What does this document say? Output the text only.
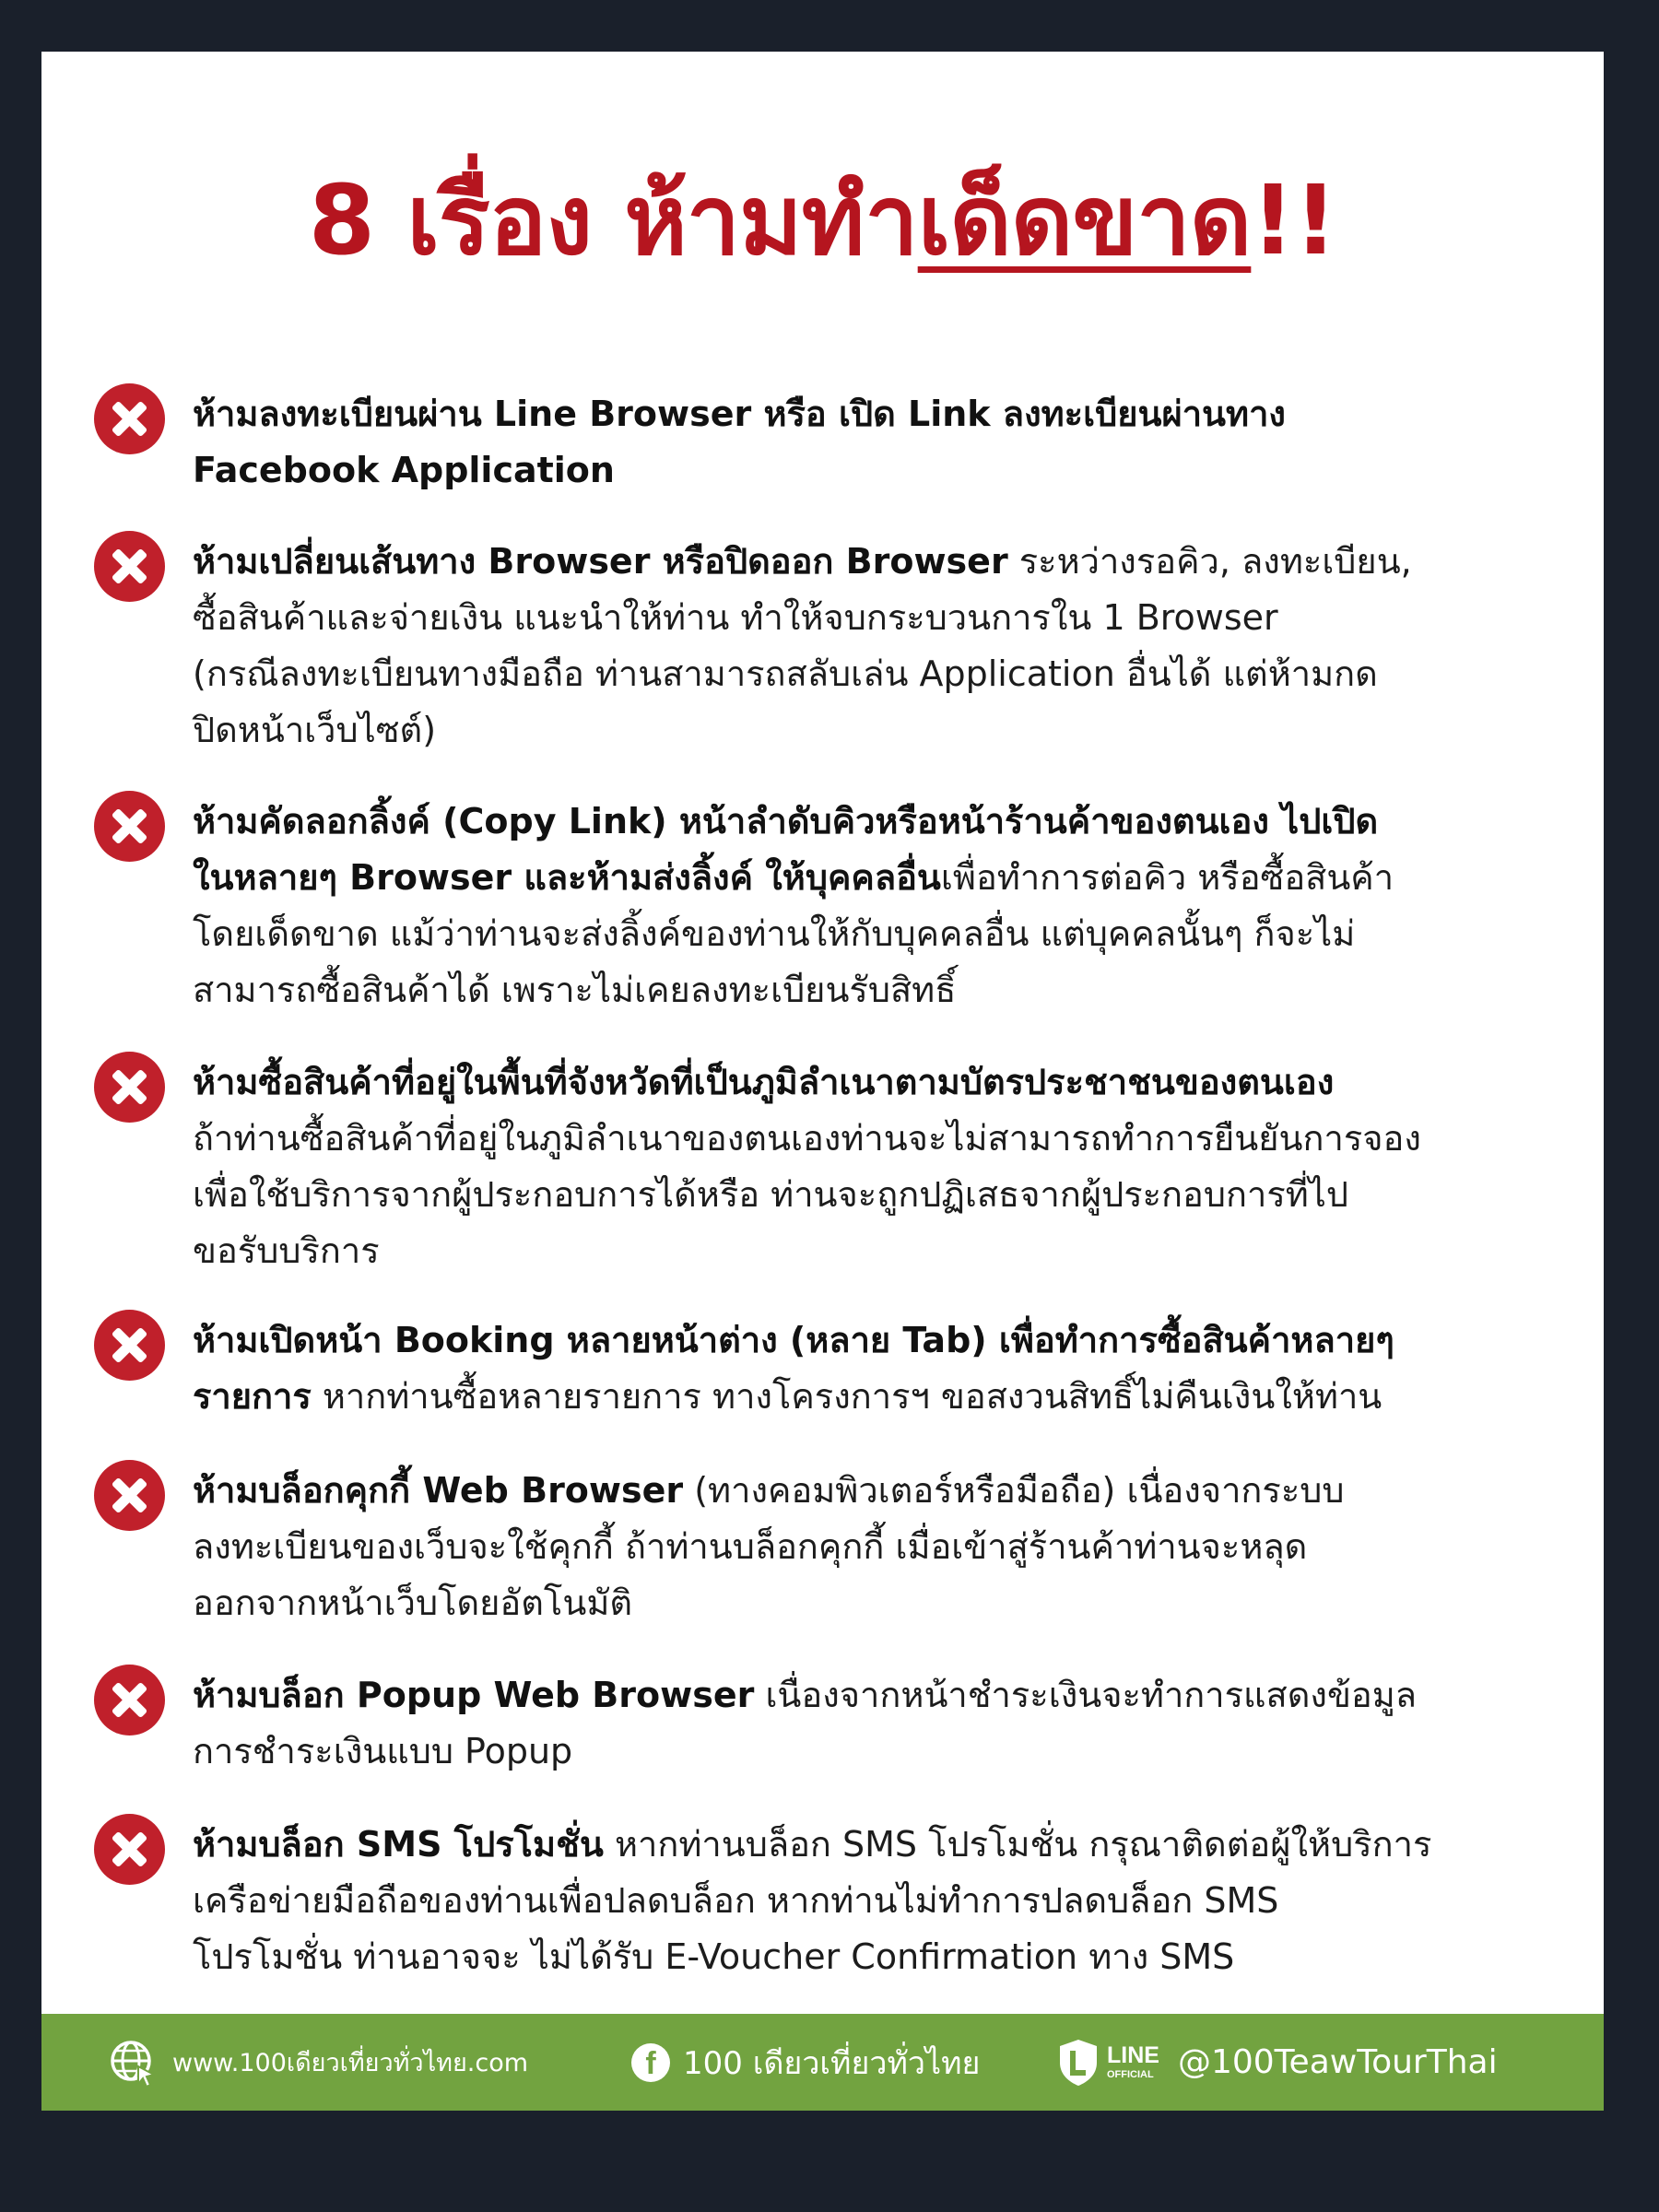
8 เรื่อง ห้ามทำเด็ดขาด!!
ห้ามลงทะเบียนผ่าน Line Browser หรือ เปิด Link ลงทะเบียนผ่านทาง
Facebook Application
ห้ามเปลี่ยนเส้นทาง Browser หรือปิดออก Browser ระหว่างรอคิว, ลงทะเบียน,
ซื้อสินค้าและจ่ายเงิน แนะนำให้ท่าน ทำให้จบกระบวนการใน 1 Browser
(กรณีลงทะเบียนทางมือถือ ท่านสามารถสลับเล่น Application อื่นได้ แต่ห้ามกด
ปิดหน้าเว็บไซต์)
ห้ามคัดลอกลิ้งค์ (Copy Link) หน้าลำดับคิวหรือหน้าร้านค้าของตนเอง ไปเปิด
ในหลายๆ Browser และห้ามส่งลิ้งค์ ให้บุคคลอื่นเพื่อทำการต่อคิว หรือซื้อสินค้า
โดยเด็ดขาด แม้ว่าท่านจะส่งลิ้งค์ของท่านให้กับบุคคลอื่น แต่บุคคลนั้นๆ ก็จะไม่
สามารถซื้อสินค้าได้ เพราะไม่เคยลงทะเบียนรับสิทธิ์
ห้ามซื้อสินค้าที่อยู่ในพื้นที่จังหวัดที่เป็นภูมิลำเนาตามบัตรประชาชนของตนเอง
ถ้าท่านซื้อสินค้าที่อยู่ในภูมิลำเนาของตนเองท่านจะไม่สามารถทำการยืนยันการจอง
เพื่อใช้บริการจากผู้ประกอบการได้หรือ ท่านจะถูกปฏิเสธจากผู้ประกอบการที่ไป
ขอรับบริการ
ห้ามเปิดหน้า Booking หลายหน้าต่าง (หลาย Tab) เพื่อทำการซื้อสินค้าหลายๆ
รายการ หากท่านซื้อหลายรายการ ทางโครงการฯ ขอสงวนสิทธิ์ไม่คืนเงินให้ท่าน
ห้ามบล็อกคุกกี้ Web Browser (ทางคอมพิวเตอร์หรือมือถือ) เนื่องจากระบบ
ลงทะเบียนของเว็บจะใช้คุกกี้ ถ้าท่านบล็อกคุกกี้ เมื่อเข้าสู่ร้านค้าท่านจะหลุด
ออกจากหน้าเว็บโดยอัตโนมัติ
ห้ามบล็อก Popup Web Browser เนื่องจากหน้าชำระเงินจะทำการแสดงข้อมูล
การชำระเงินแบบ Popup
ห้ามบล็อก SMS โปรโมชั่น หากท่านบล็อก SMS โปรโมชั่น กรุณาติดต่อผู้ให้บริการ
เครือข่ายมือถือของท่านเพื่อปลดบล็อก หากท่านไม่ทำการปลดบล็อก SMS
โปรโมชั่น ท่านอาจจะ ไม่ได้รับ E-Voucher Confirmation ทาง SMS
www.100เดียวเที่ยวทั่วไทย.com	f 100 เดียวเที่ยวทั่วไทย	LINE
OFFICIAL @100TeawTourThai
